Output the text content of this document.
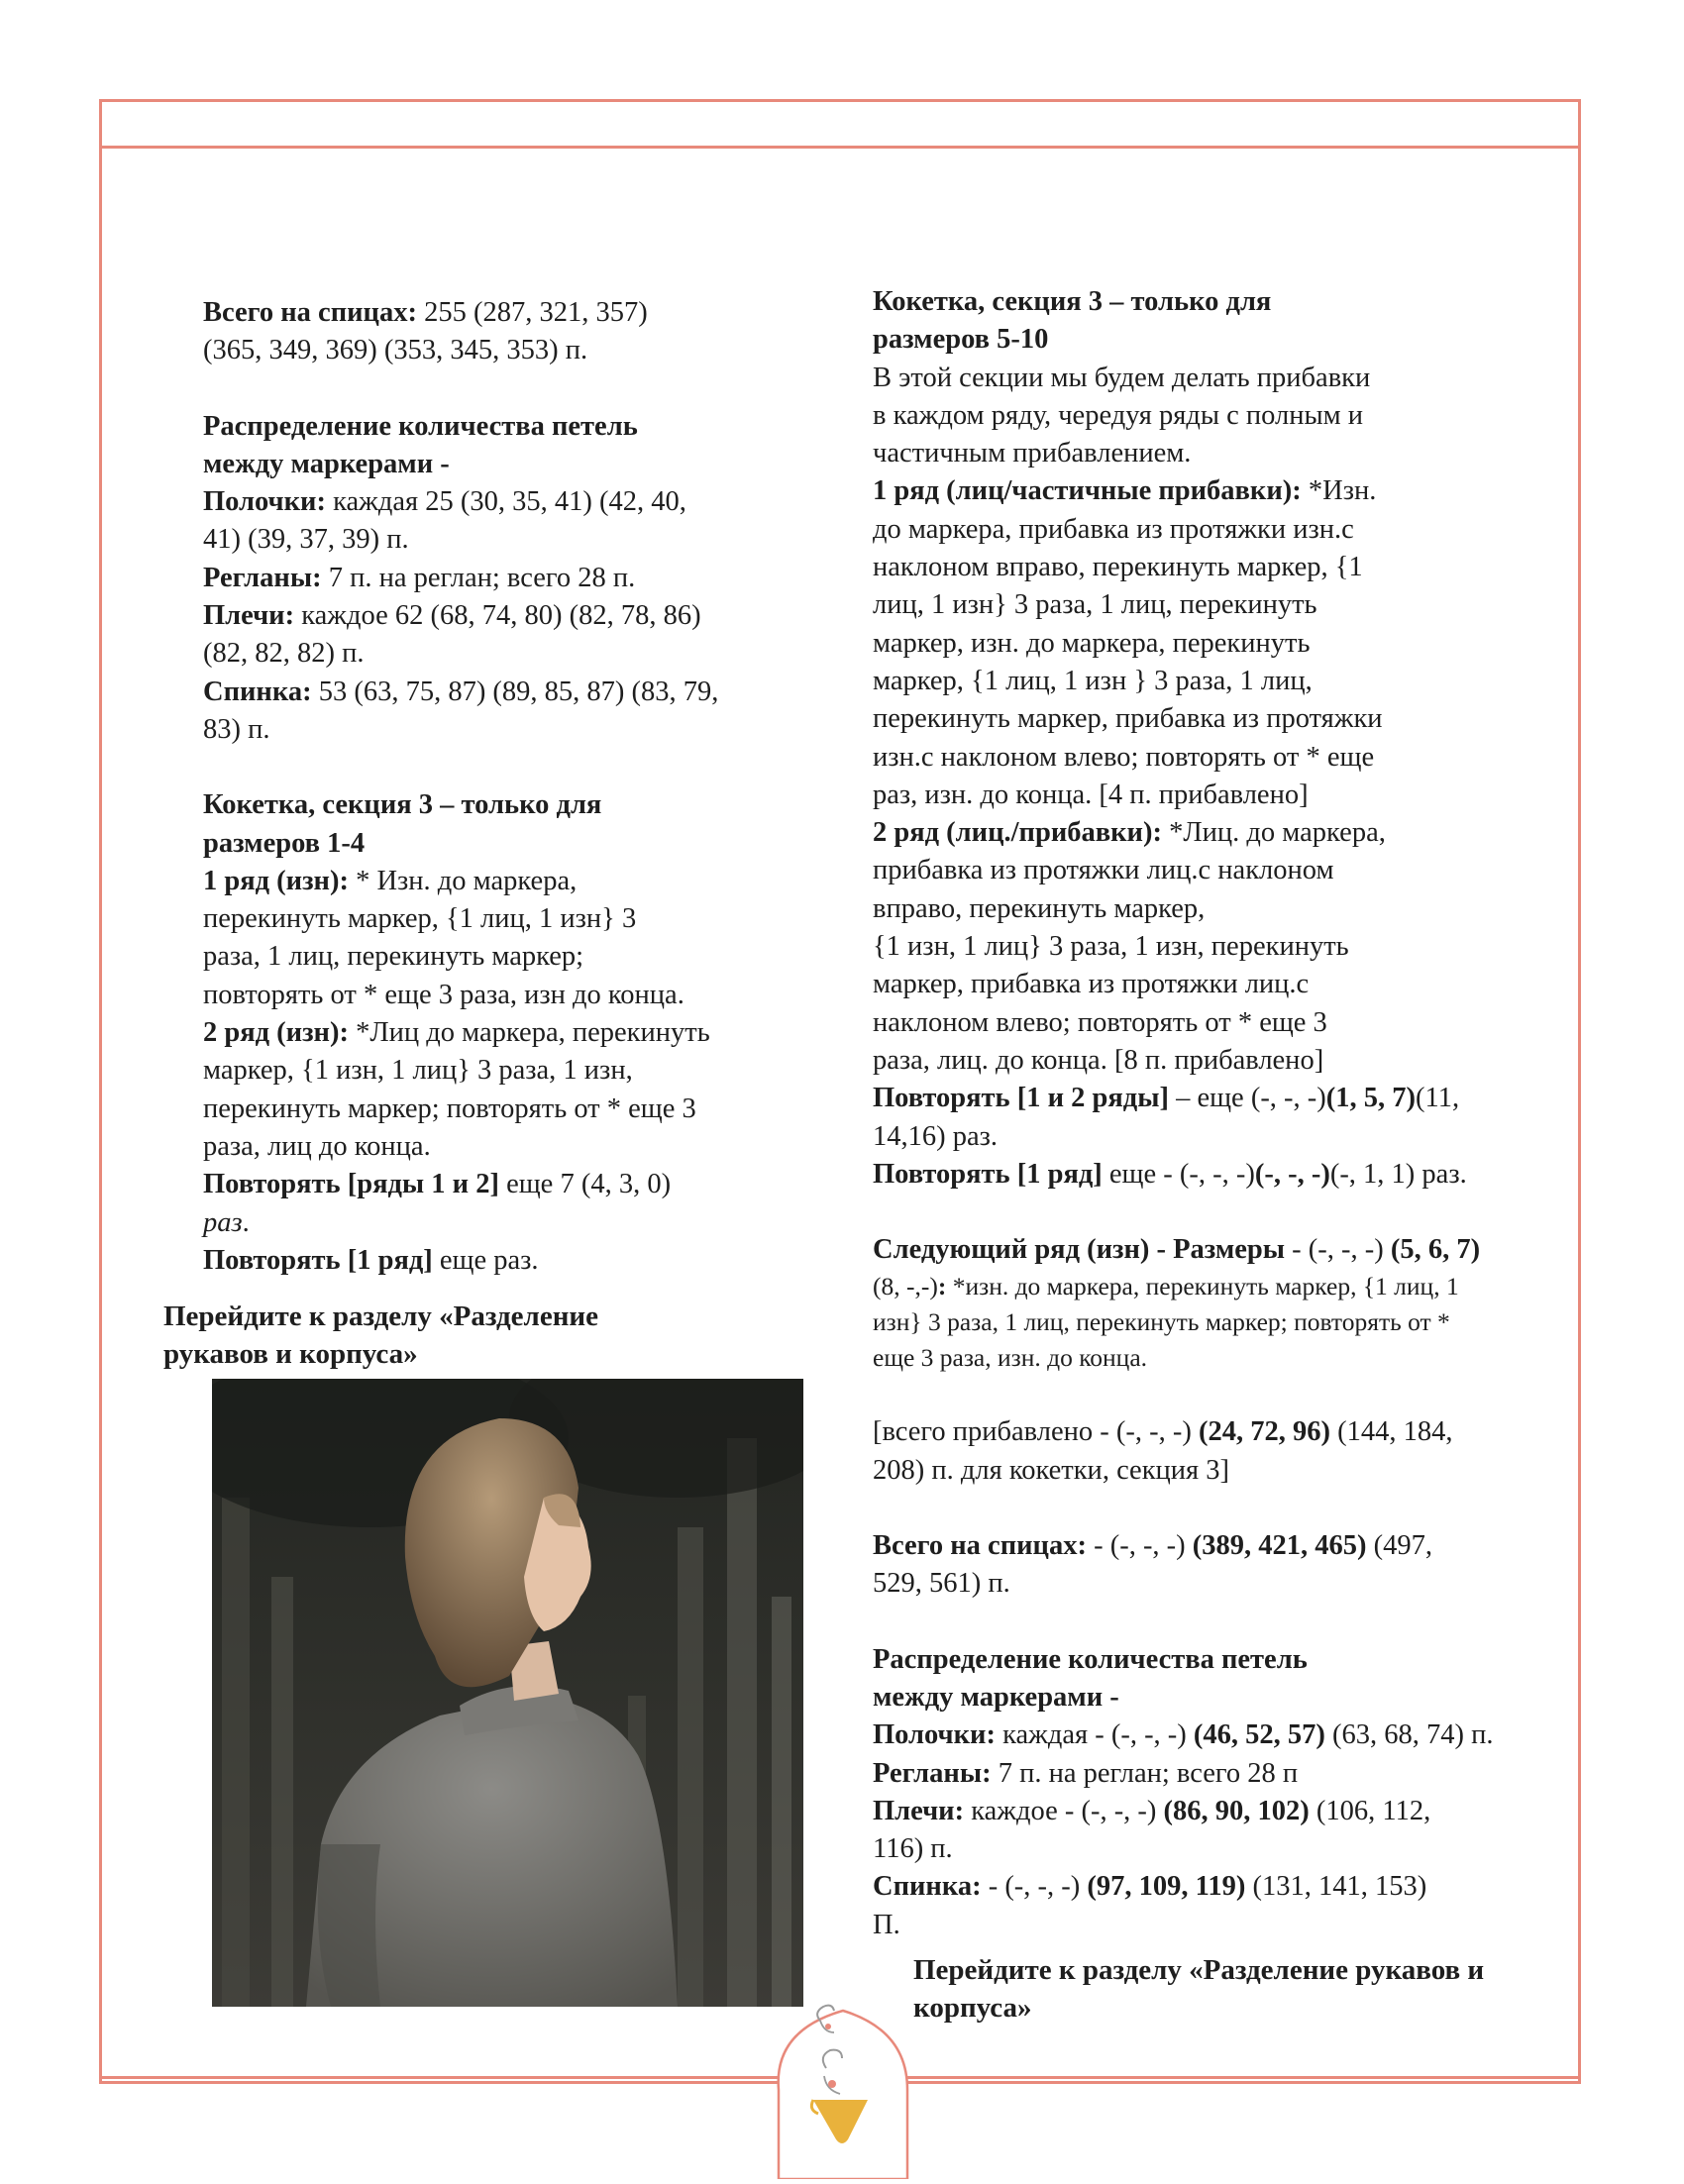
Всего на спицах: 255 (287, 321, 357)

(365, 349, 369) (353, 345, 353) п.

Распределение количества петель

между маркерами -

Полочки: каждая 25 (30, 35, 41) (42, 40,

41) (39, 37, 39) п.

Регланы: 7 п. на реглан; всего 28 п.

Плечи: каждое 62 (68, 74, 80) (82, 78, 86)

(82, 82, 82) п.

Спинка: 53 (63, 75, 87) (89, 85, 87) (83, 79,

83) п.

Кокетка, секция 3 – только для

размеров 1-4

1 ряд (изн): * Изн. до маркера,

перекинуть маркер, {1 лиц, 1 изн} 3

раза, 1 лиц, перекинуть маркер;

повторять от * еще 3 раза, изн до конца.

2 ряд (изн): *Лиц до маркера, перекинуть

маркер, {1 изн, 1 лиц} 3 раза, 1 изн,

перекинуть маркер; повторять от * еще 3

раза, лиц до конца.

Повторять [ряды 1 и 2] еще 7 (4, 3, 0)

раз.

Повторять [1 ряд] еще раз.

Перейдите к разделу «Разделение
рукавов и корпуса»

Кокетка, секция 3 – только для

размеров 5-10

В этой секции мы будем делать прибавки

в каждом ряду, чередуя ряды с полным и

частичным прибавлением.

1 ряд (лиц/частичные прибавки): *Изн.

до маркера, прибавка из протяжки изн.с

наклоном вправо, перекинуть маркер, {1

лиц, 1 изн} 3 раза, 1 лиц, перекинуть

маркер, изн. до маркера, перекинуть

маркер, {1 лиц, 1 изн } 3 раза, 1 лиц,

перекинуть маркер, прибавка из протяжки

изн.с наклоном влево; повторять от * еще

раз, изн. до конца. [4 п. прибавлено]

2 ряд (лиц./прибавки): *Лиц. до маркера,

прибавка из протяжки лиц.с наклоном

вправо, перекинуть маркер,

{1 изн, 1 лиц} 3 раза, 1 изн, перекинуть

маркер, прибавка из протяжки лиц.с

наклоном влево; повторять от * еще 3

раза, лиц. до конца. [8 п. прибавлено]

Повторять [1 и 2 ряды] – еще (-, -, -)(1, 5, 7)(11,

14,16) раз.

Повторять [1 ряд] еще - (-, -, -)(-, -, -)(-, 1, 1) раз.

Следующий ряд (изн) - Размеры - (-, -, -) (5, 6, 7)

(8, -,-): *изн. до маркера, перекинуть маркер, {1 лиц, 1

изн} 3 раза, 1 лиц, перекинуть маркер; повторять от *

еще 3 раза, изн. до конца.

[всего прибавлено - (-, -, -) (24, 72, 96) (144, 184,

208) п. для кокетки, секция 3]

Всего на спицах: - (-, -, -) (389, 421, 465) (497,

529, 561) п.

Распределение количества петель

между маркерами -

Полочки: каждая - (-, -, -) (46, 52, 57) (63, 68, 74) п.

Регланы: 7 п. на реглан; всего 28 п

Плечи: каждое - (-, -, -) (86, 90, 102) (106, 112,

116) п.

Спинка: - (-, -, -) (97, 109, 119) (131, 141, 153)

П.

Перейдите к разделу «Разделение рукавов и
корпуса»
